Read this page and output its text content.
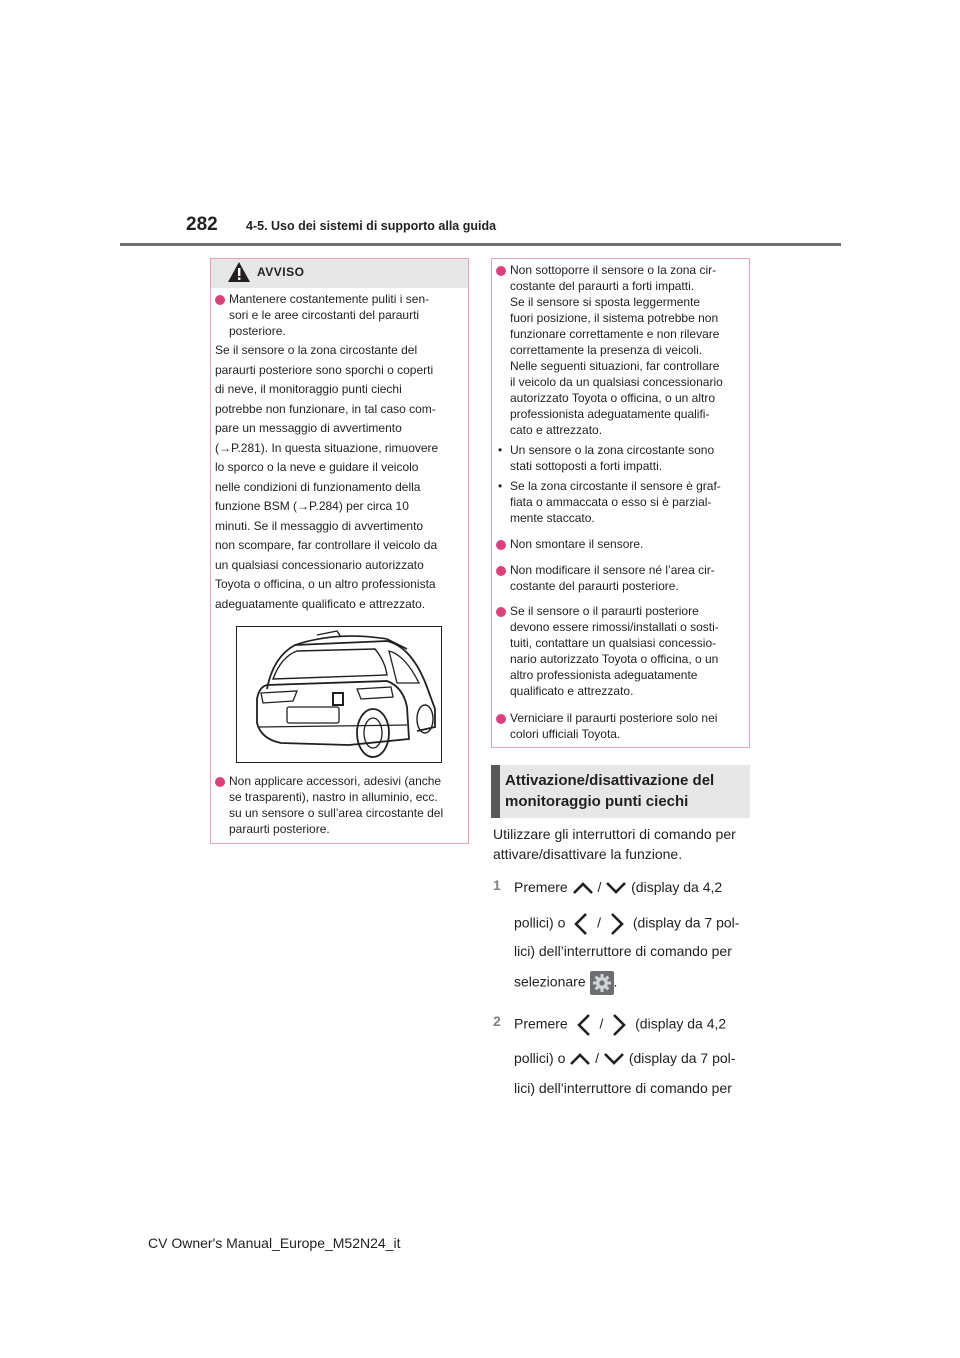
282 4-5. Uso dei sistemi di supporto alla guida
AVVISO
Mantenere costantemente puliti i sen-
sori e le aree circostanti del paraurti
posteriore.
Se il sensore o la zona circostante del
paraurti posteriore sono sporchi o coperti
di neve, il monitoraggio punti ciechi
potrebbe non funzionare, in tal caso com-
pare un messaggio di avvertimento
(→P.281). In questa situazione, rimuovere
lo sporco o la neve e guidare il veicolo
nelle condizioni di funzionamento della
funzione BSM (→P.284) per circa 10
minuti. Se il messaggio di avvertimento
non scompare, far controllare il veicolo da
un qualsiasi concessionario autorizzato
Toyota o officina, o un altro professionista
adeguatamente qualificato e attrezzato.
Non applicare accessori, adesivi (anche
se trasparenti), nastro in alluminio, ecc.
su un sensore o sull’area circostante del
paraurti posteriore.
Non sottoporre il sensore o la zona cir-
costante del paraurti a forti impatti.
Se il sensore si sposta leggermente
fuori posizione, il sistema potrebbe non
funzionare correttamente e non rilevare
correttamente la presenza di veicoli.
Nelle seguenti situazioni, far controllare
il veicolo da un qualsiasi concessionario
autorizzato Toyota o officina, o un altro
professionista adeguatamente qualifi-
cato e attrezzato.
• Un sensore o la zona circostante sono
stati sottoposti a forti impatti.
• Se la zona circostante il sensore è graf-
fiata o ammaccata o esso si è parzial-
mente staccato.
Non smontare il sensore.
Non modificare il sensore né l’area cir-
costante del paraurti posteriore.
Se il sensore o il paraurti posteriore
devono essere rimossi/installati o sosti-
tuiti, contattare un qualsiasi concessio-
nario autorizzato Toyota o officina, o un
altro professionista adeguatamente
qualificato e attrezzato.
Verniciare il paraurti posteriore solo nei
colori ufficiali Toyota.
Attivazione/disattivazione del
monitoraggio punti ciechi
Utilizzare gli interruttori di comando per
attivare/disattivare la funzione.
1 Premere / (display da 4,2
pollici) o / (display da 7 pol-
lici) dell’interruttore di comando per
selezionare .
2 Premere / (display da 4,2
pollici) o / (display da 7 pol-
lici) dell’interruttore di comando per
CV Owner's Manual_Europe_M52N24_it
